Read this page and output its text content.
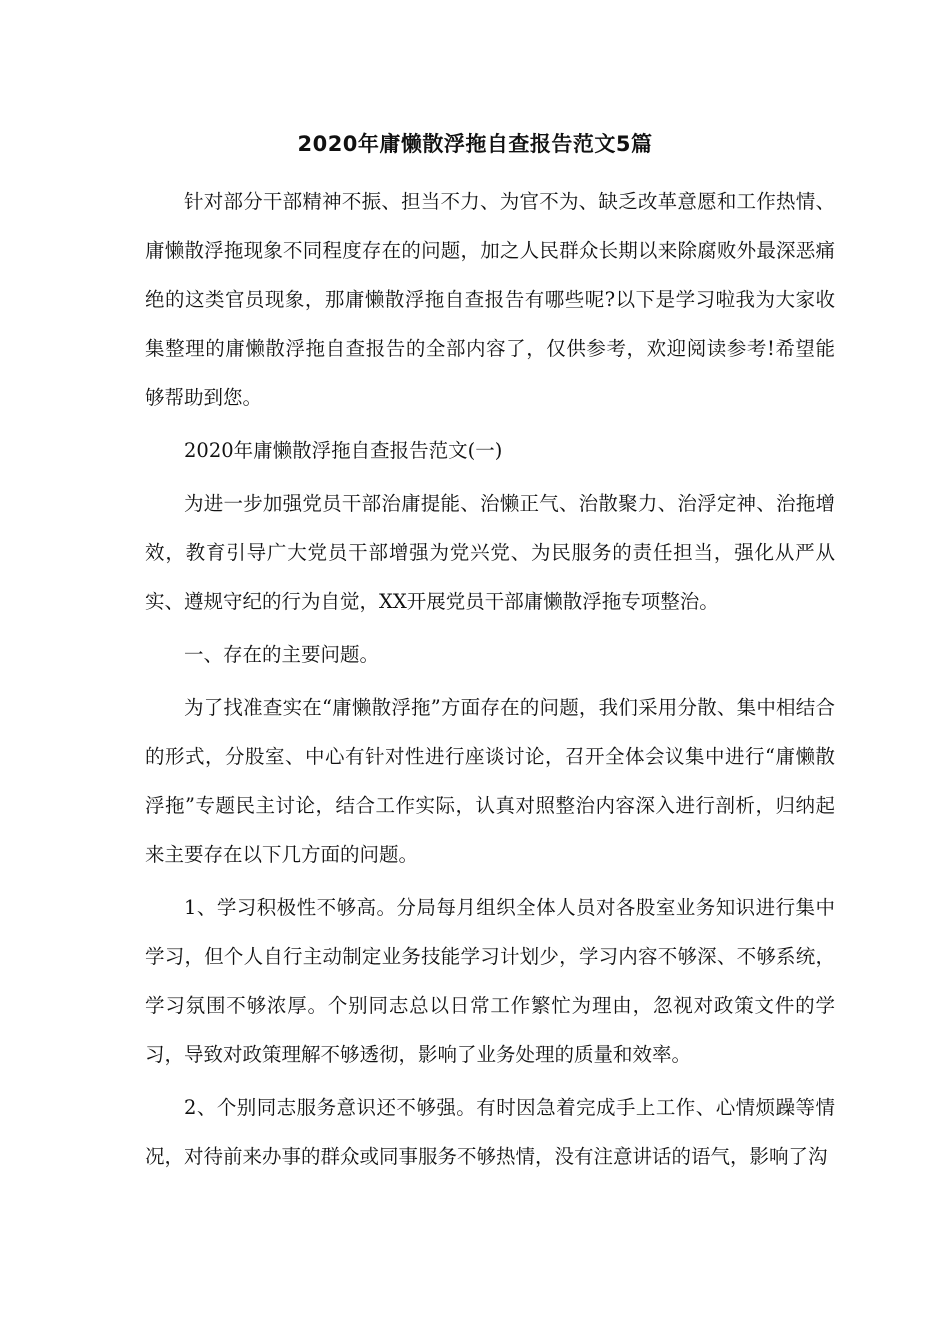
2020年庸懒散浮拖自查报告范文5篇

针对部分干部精神不振、担当不力、为官不为、缺乏改革意愿和工作热情、庸懒散浮拖现象不同程度存在的问题，加之人民群众长期以来除腐败外最深恶痛绝的这类官员现象，那庸懒散浮拖自查报告有哪些呢?以下是学习啦我为大家收集整理的庸懒散浮拖自查报告的全部内容了，仅供参考，欢迎阅读参考!希望能够帮助到您。

2020年庸懒散浮拖自查报告范文(一)

为进一步加强党员干部治庸提能、治懒正气、治散聚力、治浮定神、治拖增效，教育引导广大党员干部增强为党兴党、为民服务的责任担当，强化从严从实、遵规守纪的行为自觉，XX开展党员干部庸懒散浮拖专项整治。

一、存在的主要问题。

为了找准查实在“庸懒散浮拖”方面存在的问题，我们采用分散、集中相结合的形式，分股室、中心有针对性进行座谈讨论，召开全体会议集中进行“庸懒散浮拖”专题民主讨论，结合工作实际，认真对照整治内容深入进行剖析，归纳起来主要存在以下几方面的问题。

1、学习积极性不够高。分局每月组织全体人员对各股室业务知识进行集中学习，但个人自行主动制定业务技能学习计划少，学习内容不够深、不够系统，学习氛围不够浓厚。个别同志总以日常工作繁忙为理由，忽视对政策文件的学习，导致对政策理解不够透彻，影响了业务处理的质量和效率。

2、个别同志服务意识还不够强。有时因急着完成手上工作、心情烦躁等情况，对待前来办事的群众或同事服务不够热情，没有注意讲话的语气，影响了沟
